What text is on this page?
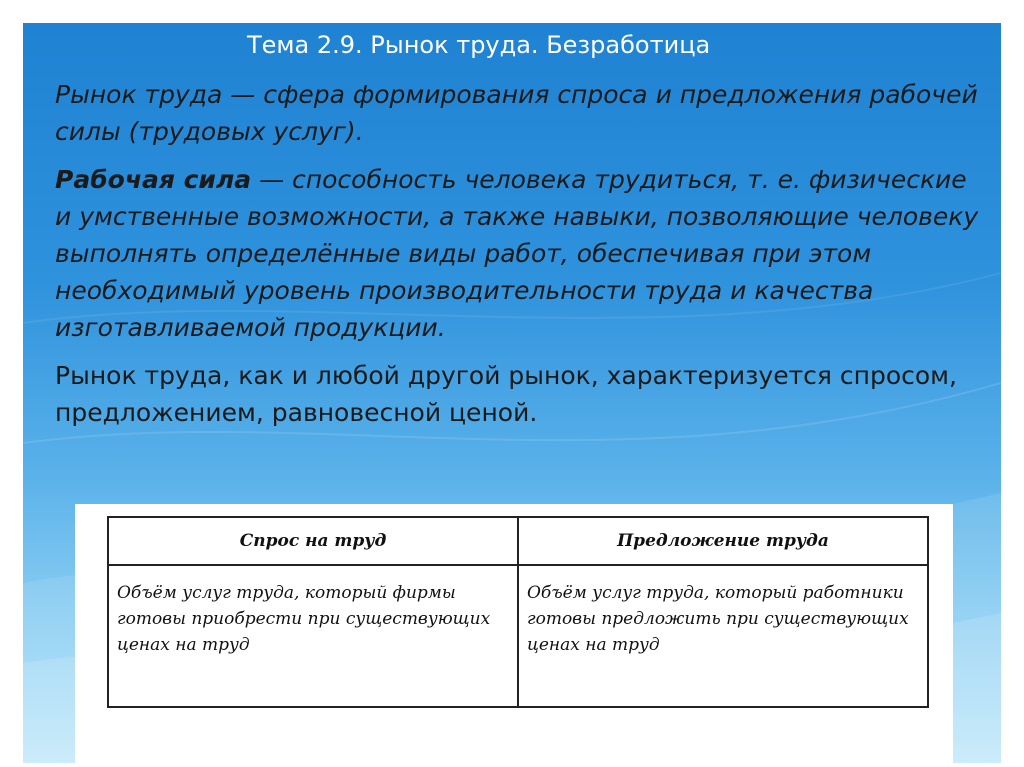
Тема 2.9. Рынок труда. Безработица

Рынок труда — сфера формирования спроса и предложения рабочей силы (трудовых услуг).

Рабочая сила — способность человека трудиться, т. е. физические и умственные возможности, а также навыки, позволяющие человеку выполнять определённые виды работ, обеспечивая при этом необходимый уровень производительности труда и качества изготавливаемой продукции.

Рынок труда, как и любой другой рынок, характеризуется спросом, предложением, равновесной ценой.

Спрос на труд	Предложение труда
Объём услуг труда, который фирмы готовы приобрести при существующих ценах на труд	Объём услуг труда, который работники готовы предложить при существующих ценах на труд
